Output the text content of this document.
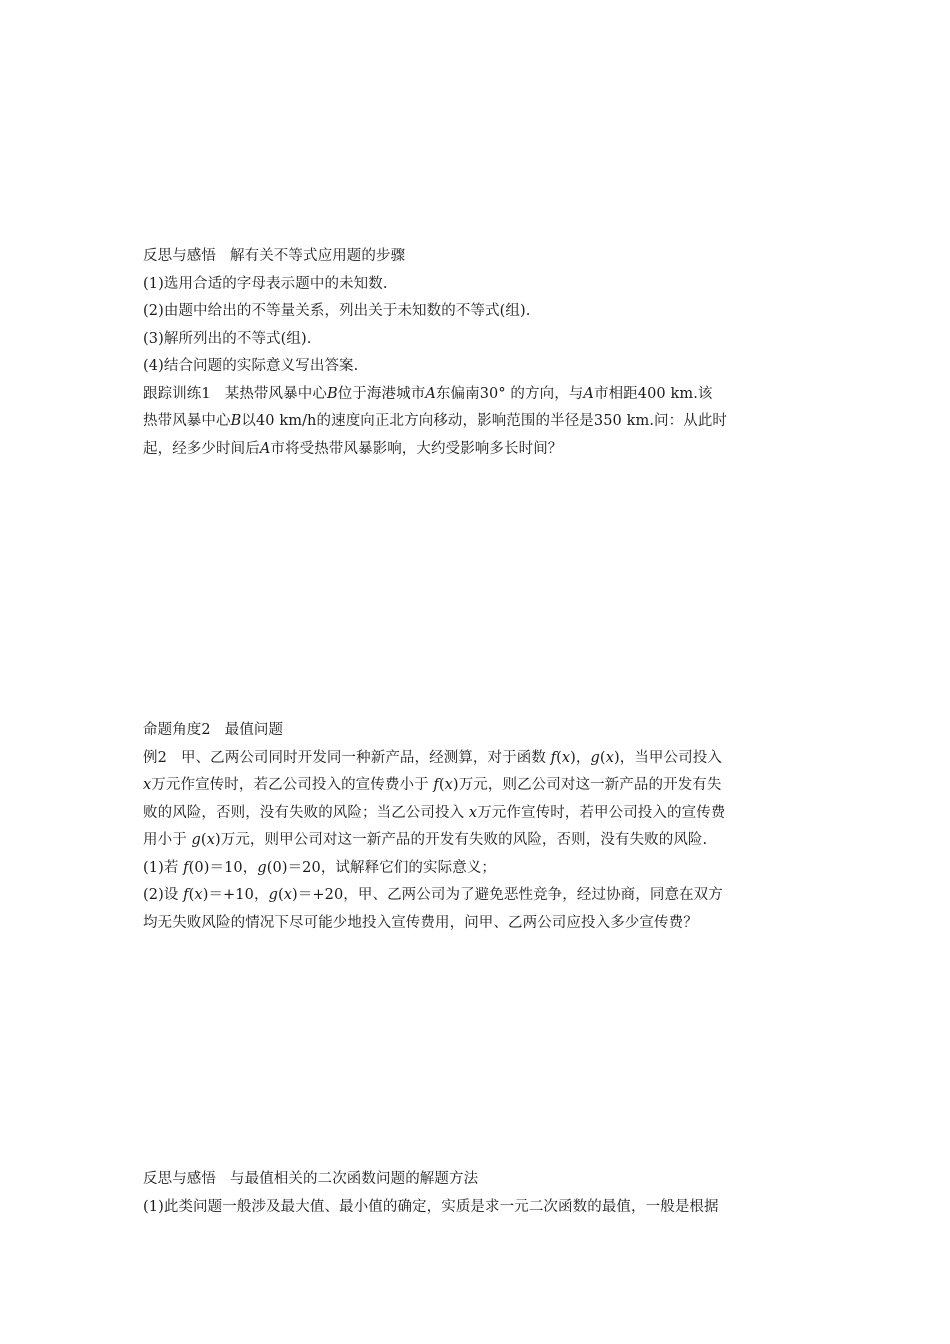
反思与感悟 解有关不等式应用题的步骤
(1)选用合适的字母表示题中的未知数.
(2)由题中给出的不等量关系，列出关于未知数的不等式(组).
(3)解所列出的不等式(组).
(4)结合问题的实际意义写出答案.
跟踪训练1 某热带风暴中心B位于海港城市A东偏南30° 的方向，与A市相距400 km.该
热带风暴中心B以40 km/h的速度向正北方向移动，影响范围的半径是350 km.问：从此时
起，经多少时间后A市将受热带风暴影响，大约受影响多长时间？
命题角度2 最值问题
例2 甲、乙两公司同时开发同一种新产品，经测算，对于函数 f(x)，g(x)，当甲公司投入
x万元作宣传时，若乙公司投入的宣传费小于 f(x)万元，则乙公司对这一新产品的开发有失
败的风险，否则，没有失败的风险；当乙公司投入 x万元作宣传时，若甲公司投入的宣传费
用小于 g(x)万元，则甲公司对这一新产品的开发有失败的风险，否则，没有失败的风险.
(1)若 f(0)＝10，g(0)＝20，试解释它们的实际意义；
(2)设 f(x)＝+10，g(x)＝+20，甲、乙两公司为了避免恶性竞争，经过协商，同意在双方
均无失败风险的情况下尽可能少地投入宣传费用，问甲、乙两公司应投入多少宣传费？
反思与感悟 与最值相关的二次函数问题的解题方法
(1)此类问题一般涉及最大值、最小值的确定，实质是求一元二次函数的最值，一般是根据
